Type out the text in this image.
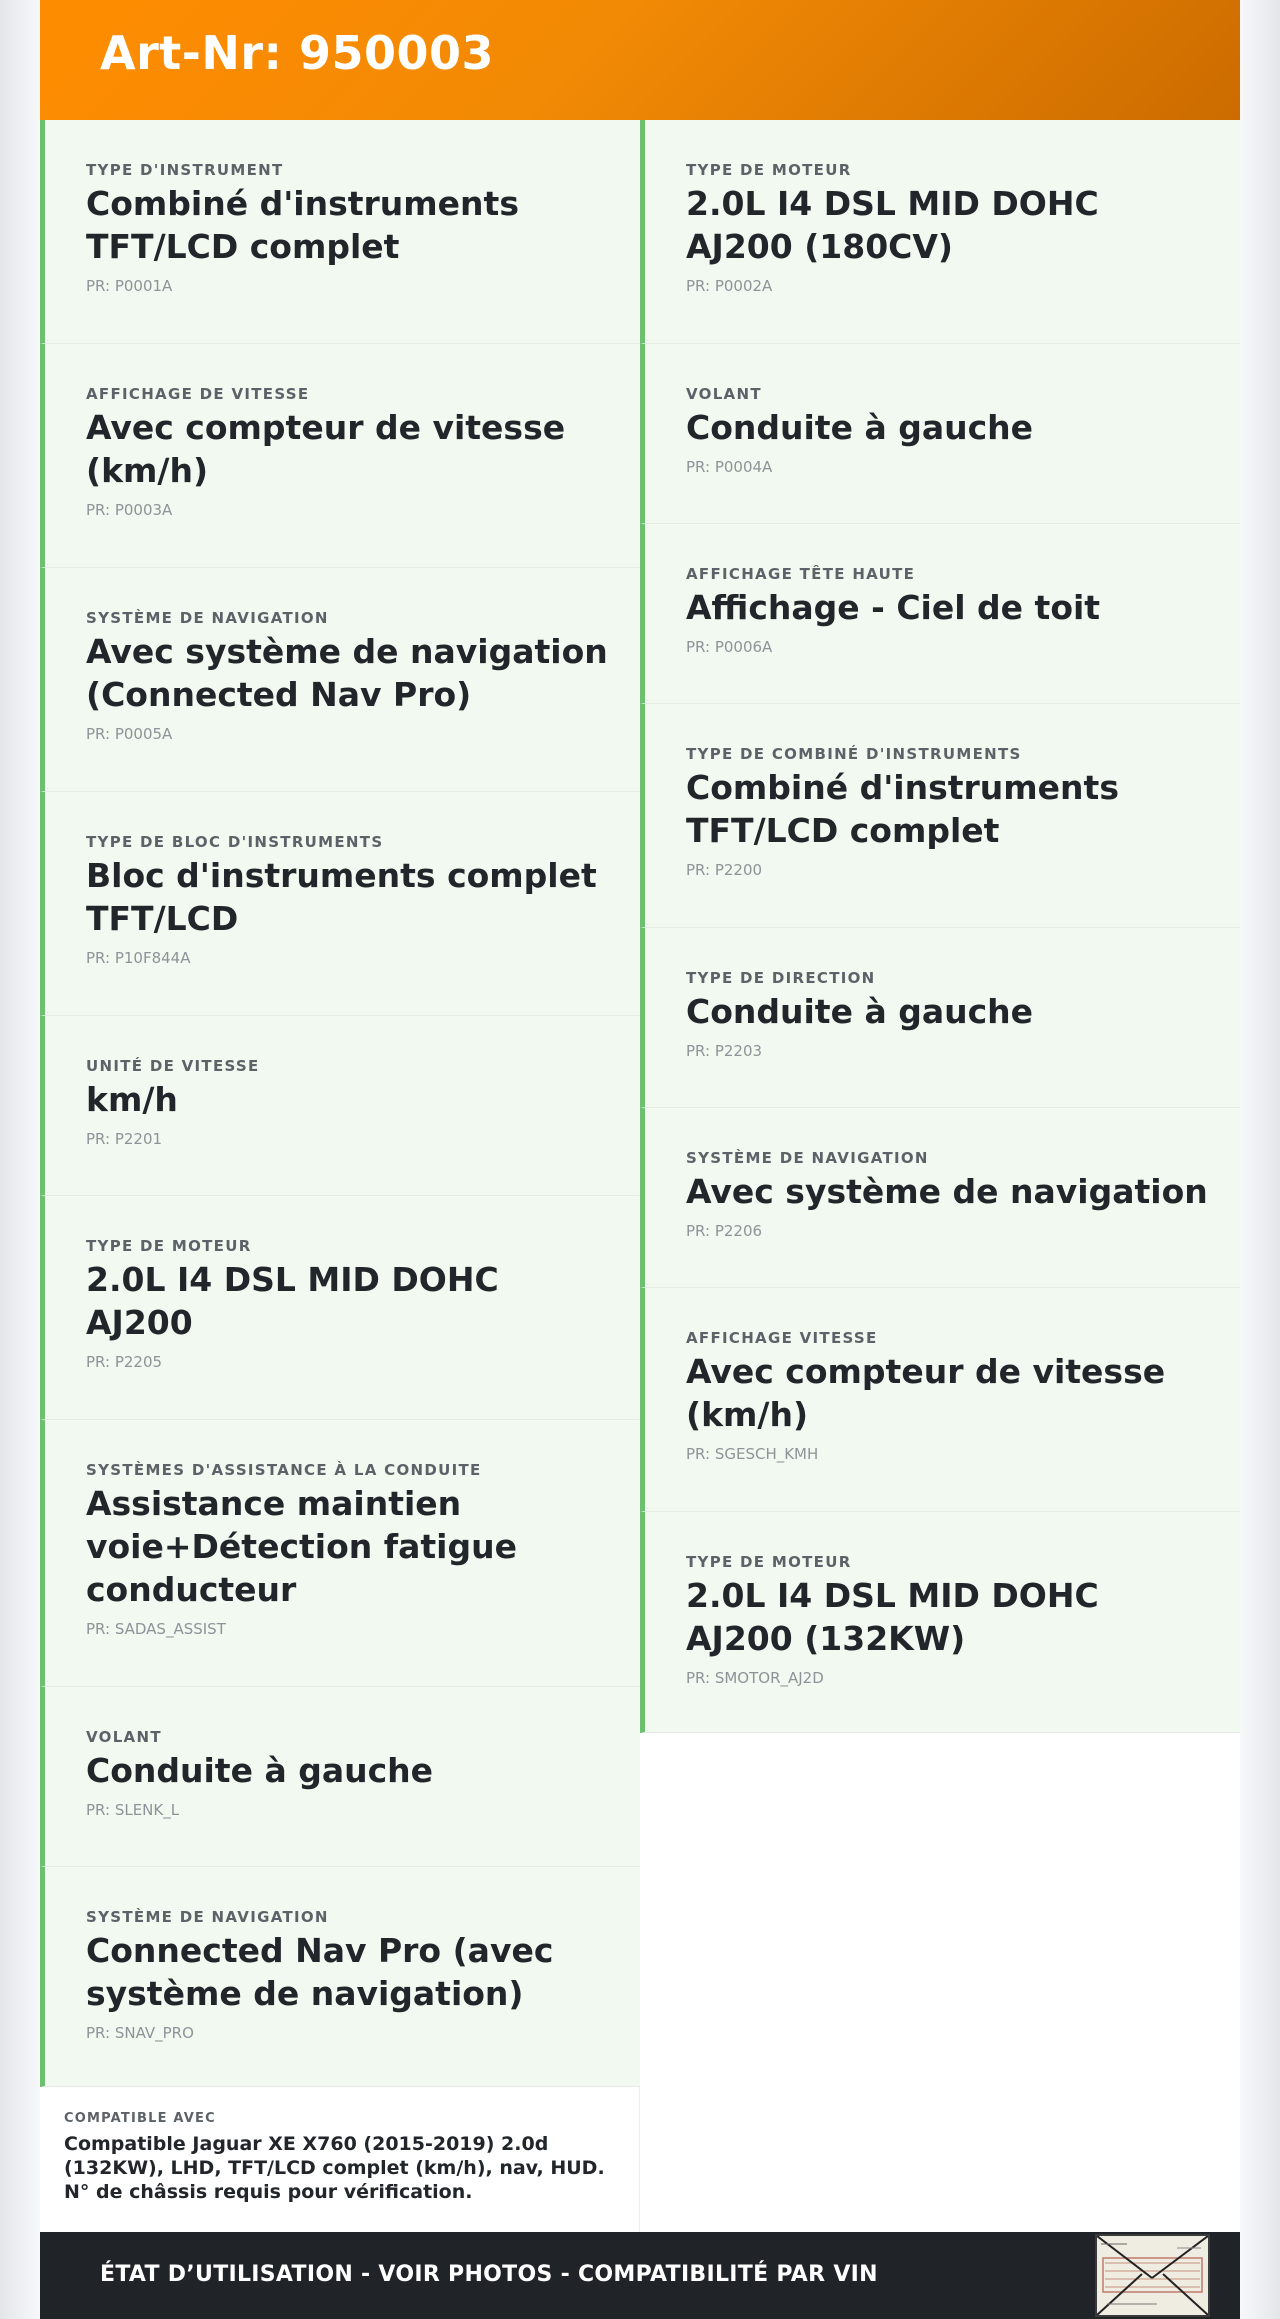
Art-Nr: 950003
TYPE D'INSTRUMENT
Combiné d'instruments TFT/LCD complet
PR: P0001A
AFFICHAGE DE VITESSE
Avec compteur de vitesse (km/h)
PR: P0003A
SYSTÈME DE NAVIGATION
Avec système de navigation (Connected Nav Pro)
PR: P0005A
TYPE DE BLOC D'INSTRUMENTS
Bloc d'instruments complet TFT/LCD
PR: P10F844A
UNITÉ DE VITESSE
km/h
PR: P2201
TYPE DE MOTEUR
2.0L I4 DSL MID DOHC AJ200
PR: P2205
SYSTÈMES D'ASSISTANCE À LA CONDUITE
Assistance maintien voie+Détection fatigue conducteur
PR: SADAS_ASSIST
VOLANT
Conduite à gauche
PR: SLENK_L
SYSTÈME DE NAVIGATION
Connected Nav Pro (avec système de navigation)
PR: SNAV_PRO
TYPE DE MOTEUR
2.0L I4 DSL MID DOHC AJ200 (180CV)
PR: P0002A
VOLANT
Conduite à gauche
PR: P0004A
AFFICHAGE TÊTE HAUTE
Affichage - Ciel de toit
PR: P0006A
TYPE DE COMBINÉ D'INSTRUMENTS
Combiné d'instruments TFT/LCD complet
PR: P2200
TYPE DE DIRECTION
Conduite à gauche
PR: P2203
SYSTÈME DE NAVIGATION
Avec système de navigation
PR: P2206
AFFICHAGE VITESSE
Avec compteur de vitesse (km/h)
PR: SGESCH_KMH
TYPE DE MOTEUR
2.0L I4 DSL MID DOHC AJ200 (132KW)
PR: SMOTOR_AJ2D
COMPATIBLE AVEC
Compatible Jaguar XE X760 (2015-2019) 2.0d (132KW), LHD, TFT/LCD complet (km/h), nav, HUD. N° de châssis requis pour vérification.
ÉTAT D’UTILISATION - VOIR PHOTOS - COMPATIBILITÉ PAR VIN
